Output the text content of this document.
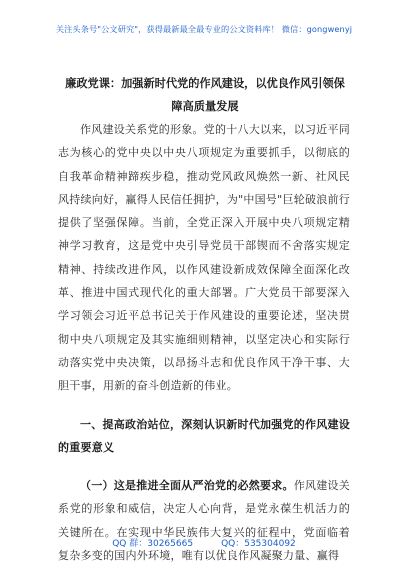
关注头条号"公文研究"，获得最新最全最专业的公文资料库！ 微信：gongwenyj
廉政党课：加强新时代党的作风建设，以优良作风引领保障高质量发展

作风建设关系党的形象。党的十八大以来，以习近平同志为核心的党中央以中央八项规定为重要抓手，以彻底的自我革命精神蹄疾步稳，推动党风政风焕然一新、社风民风持续向好，赢得人民信任拥护，为"中国号"巨轮破浪前行提供了坚强保障。当前，全党正深入开展中央八项规定精神学习教育，这是党中央引导党员干部锲而不舍落实规定精神、持续改进作风，以作风建设新成效保障全面深化改革、推进中国式现代化的重大部署。广大党员干部要深入学习领会习近平总书记关于作风建设的重要论述，坚决贯彻中央八项规定及其实施细则精神，以坚定决心和实际行动落实党中央决策，以昂扬斗志和优良作风干净干事、大胆干事，用新的奋斗创造新的伟业。

一、提高政治站位，深刻认识新时代加强党的作风建设的重要意义

（一）这是推进全面从严治党的必然要求。作风建设关系党的形象和威信，决定人心向背，是党永葆生机活力的关键所在。在实现中华民族伟大复兴的征程中，党面临着复杂多变的国内外环境，唯有以优良作风凝聚力量、赢得

QQ 群：30265665	QQ：535304092
